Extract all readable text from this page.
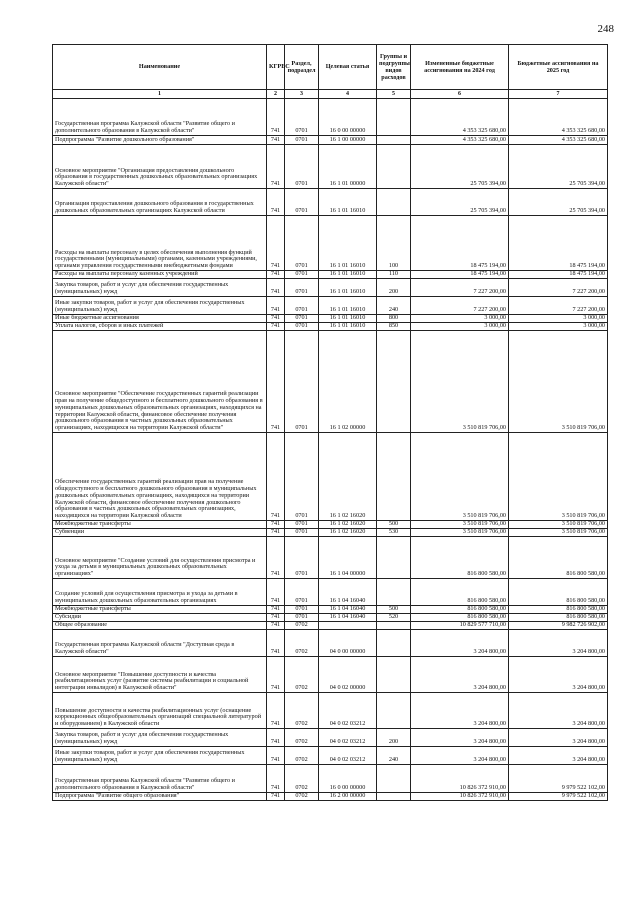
248
Наименование	КГРБС	Раздел, подраздел	Целевая статья	Группы и подгруппы видов расходов	Измененные бюджетные ассигнования на 2024 год	Бюджетные ассигнования на 2025 год
1	2	3	4	5	6	7
Государственная программа Калужской области "Развитие общего и дополнительного образования в Калужской области"	741	0701	16 0 00 00000		4 353 325 680,00	4 353 325 680,00
Подпрограмма "Развитие дошкольного образования"	741	0701	16 1 00 00000		4 353 325 680,00	4 353 325 680,00
Основное мероприятие "Организация предоставления дошкольного образования в государственных дошкольных образовательных организациях Калужской области"	741	0701	16 1 01 00000		25 705 394,00	25 705 394,00
Организация предоставления дошкольного образования в государственных дошкольных образовательных организациях Калужской области	741	0701	16 1 01 16010		25 705 394,00	25 705 394,00
Расходы на выплаты персоналу в целях обеспечения выполнения функций государственными (муниципальными) органами, казенными учреждениями, органами управления государственными внебюджетными фондами	741	0701	16 1 01 16010	100	18 475 194,00	18 475 194,00
Расходы на выплаты персоналу казенных учреждений	741	0701	16 1 01 16010	110	18 475 194,00	18 475 194,00
Закупка товаров, работ и услуг для обеспечения государственных (муниципальных) нужд	741	0701	16 1 01 16010	200	7 227 200,00	7 227 200,00
Иные закупки товаров, работ и услуг для обеспечения государственных (муниципальных) нужд	741	0701	16 1 01 16010	240	7 227 200,00	7 227 200,00
Иные бюджетные ассигнования	741	0701	16 1 01 16010	800	3 000,00	3 000,00
Уплата налогов, сборов и иных платежей	741	0701	16 1 01 16010	850	3 000,00	3 000,00
Основное мероприятие "Обеспечение государственных гарантий реализации прав на получение общедоступного и бесплатного дошкольного образования в муниципальных дошкольных образовательных организациях, находящихся на территории Калужской области, финансовое обеспечение получения дошкольного образования в частных дошкольных образовательных организациях, находящихся на территории Калужской области"	741	0701	16 1 02 00000		3 510 819 706,00	3 510 819 706,00
Обеспечение государственных гарантий реализации прав на получение общедоступного и бесплатного дошкольного образования в муниципальных дошкольных образовательных организациях, находящихся на территории Калужской области, финансовое обеспечение получения дошкольного образования в частных дошкольных образовательных организациях, находящихся на территории Калужской области	741	0701	16 1 02 16020		3 510 819 706,00	3 510 819 706,00
Межбюджетные трансферты	741	0701	16 1 02 16020	500	3 510 819 706,00	3 510 819 706,00
Субвенции	741	0701	16 1 02 16020	530	3 510 819 706,00	3 510 819 706,00
Основное мероприятие "Создание условий для осуществления присмотра и ухода за детьми в муниципальных дошкольных образовательных организациях"	741	0701	16 1 04 00000		816 800 580,00	816 800 580,00
Создание условий для осуществления присмотра и ухода за детьми в муниципальных дошкольных образовательных организациях	741	0701	16 1 04 16040		816 800 580,00	816 800 580,00
Межбюджетные трансферты	741	0701	16 1 04 16040	500	816 800 580,00	816 800 580,00
Субсидии	741	0701	16 1 04 16040	520	816 800 580,00	816 800 580,00
Общее образование	741	0702			10 829 577 710,00	9 982 726 902,00
Государственная программа Калужской области "Доступная среда в Калужской области"	741	0702	04 0 00 00000		3 204 800,00	3 204 800,00
Основное мероприятие "Повышение доступности и качества реабилитационных услуг (развитие системы реабилитации и социальной интеграции инвалидов) в Калужской области"	741	0702	04 0 02 00000		3 204 800,00	3 204 800,00
Повышение доступности и качества реабилитационных услуг (оснащение коррекционных общеобразовательных организаций специальной литературой и оборудованием) в Калужской области	741	0702	04 0 02 03212		3 204 800,00	3 204 800,00
Закупка товаров, работ и услуг для обеспечения государственных (муниципальных) нужд	741	0702	04 0 02 03212	200	3 204 800,00	3 204 800,00
Иные закупки товаров, работ и услуг для обеспечения государственных (муниципальных) нужд	741	0702	04 0 02 03212	240	3 204 800,00	3 204 800,00
Государственная программа Калужской области "Развитие общего и дополнительного образования в Калужской области"	741	0702	16 0 00 00000		10 826 372 910,00	9 979 522 102,00
Подпрограмма "Развитие общего образования"	741	0702	16 2 00 00000		10 826 372 910,00	9 979 522 102,00
